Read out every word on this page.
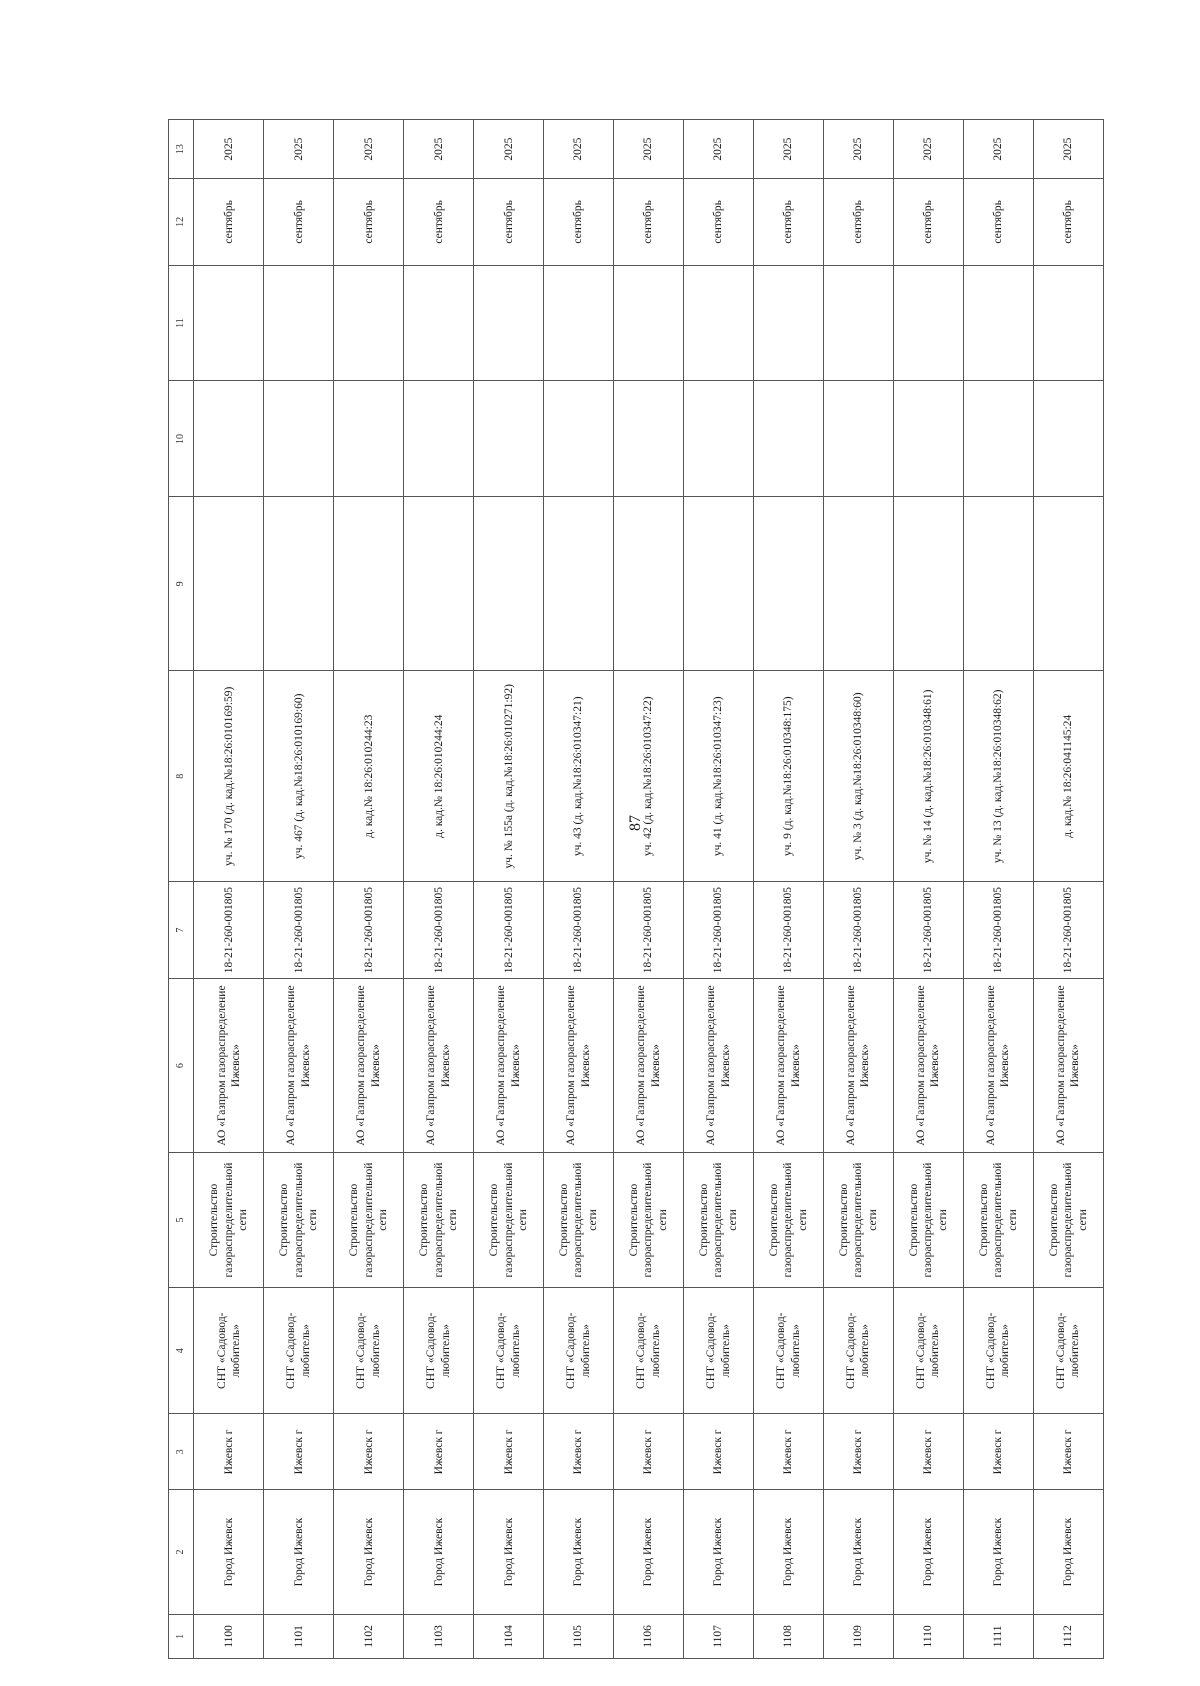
87
1	2	3	4	5	6	7	8	9	10	11	12	13
1100	Город Ижевск	Ижевск г	СНТ «Садовод-любитель»	Строительство газораспределительной сети	АО «Газпром газораспределение Ижевск»	18-21-260-001805	уч. № 170 (д. кад.№18:26:010169:59)				сентябрь	2025
1101	Город Ижевск	Ижевск г	СНТ «Садовод-любитель»	Строительство газораспределительной сети	АО «Газпром газораспределение Ижевск»	18-21-260-001805	уч. 467 (д. кад.№18:26:010169:60)				сентябрь	2025
1102	Город Ижевск	Ижевск г	СНТ «Садовод-любитель»	Строительство газораспределительной сети	АО «Газпром газораспределение Ижевск»	18-21-260-001805	д. кад.№ 18:26:010244:23				сентябрь	2025
1103	Город Ижевск	Ижевск г	СНТ «Садовод-любитель»	Строительство газораспределительной сети	АО «Газпром газораспределение Ижевск»	18-21-260-001805	д. кад.№ 18:26:010244:24				сентябрь	2025
1104	Город Ижевск	Ижевск г	СНТ «Садовод-любитель»	Строительство газораспределительной сети	АО «Газпром газораспределение Ижевск»	18-21-260-001805	уч. № 155а (д. кад.№18:26:010271:92)				сентябрь	2025
1105	Город Ижевск	Ижевск г	СНТ «Садовод-любитель»	Строительство газораспределительной сети	АО «Газпром газораспределение Ижевск»	18-21-260-001805	уч. 43 (д. кад.№18:26:010347:21)				сентябрь	2025
1106	Город Ижевск	Ижевск г	СНТ «Садовод-любитель»	Строительство газораспределительной сети	АО «Газпром газораспределение Ижевск»	18-21-260-001805	уч. 42 (д. кад.№18:26:010347:22)				сентябрь	2025
1107	Город Ижевск	Ижевск г	СНТ «Садовод-любитель»	Строительство газораспределительной сети	АО «Газпром газораспределение Ижевск»	18-21-260-001805	уч. 41 (д. кад.№18:26:010347:23)				сентябрь	2025
1108	Город Ижевск	Ижевск г	СНТ «Садовод-любитель»	Строительство газораспределительной сети	АО «Газпром газораспределение Ижевск»	18-21-260-001805	уч. 9 (д. кад.№18:26:010348:175)				сентябрь	2025
1109	Город Ижевск	Ижевск г	СНТ «Садовод-любитель»	Строительство газораспределительной сети	АО «Газпром газораспределение Ижевск»	18-21-260-001805	уч. № 3 (д. кад.№18:26:010348:60)				сентябрь	2025
1110	Город Ижевск	Ижевск г	СНТ «Садовод-любитель»	Строительство газораспределительной сети	АО «Газпром газораспределение Ижевск»	18-21-260-001805	уч. № 14 (д. кад.№18:26:010348:61)				сентябрь	2025
1111	Город Ижевск	Ижевск г	СНТ «Садовод-любитель»	Строительство газораспределительной сети	АО «Газпром газораспределение Ижевск»	18-21-260-001805	уч. № 13 (д. кад.№18:26:010348:62)				сентябрь	2025
1112	Город Ижевск	Ижевск г	СНТ «Садовод-любитель»	Строительство газораспределительной сети	АО «Газпром газораспределение Ижевск»	18-21-260-001805	д. кад.№ 18:26:041145:24				сентябрь	2025
